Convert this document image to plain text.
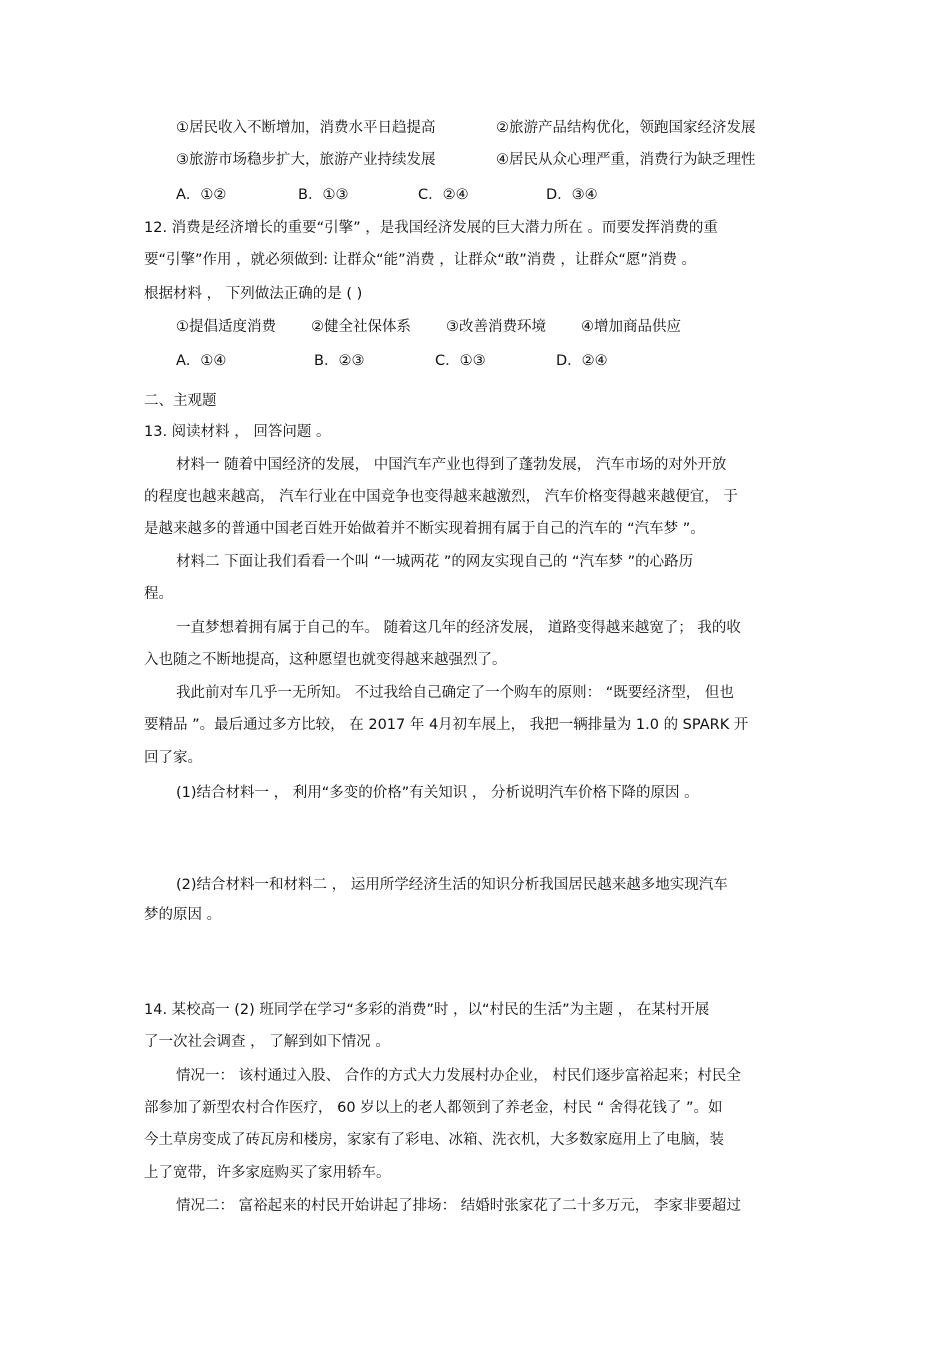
①居民收入不断增加，消费水平日趋提高	②旅游产品结构优化，领跑国家经济发展
③旅游市场稳步扩大，旅游产业持续发展	④居民从众心理严重，消费行为缺乏理性
A．①②	B．①③	C．②④	D．③④
12. 消费是经济增长的重要“引擎” ，是我国经济发展的巨大潜力所在 。而要发挥消费的重
要“引擎”作用 ，就必须做到: 让群众“能”消费 ，让群众“敢”消费 ，让群众“愿”消费 。
根据材料 ， 下列做法正确的是 ( )
①提倡适度消费 ②健全社保体系 ③改善消费环境 ④增加商品供应
A．①④	B．②③	C．①③	D．②④
二、主观题
13. 阅读材料 ， 回答问题 。
材料一 随着中国经济的发展， 中国汽车产业也得到了蓬勃发展， 汽车市场的对外开放
的程度也越来越高， 汽车行业在中国竞争也变得越来越激烈， 汽车价格变得越来越便宜， 于
是越来越多的普通中国老百姓开始做着并不断实现着拥有属于自己的汽车的 “汽车梦 ”。
材料二 下面让我们看看一个叫 “一城两花 ”的网友实现自己的 “汽车梦 ”的心路历
程。
一直梦想着拥有属于自己的车。 随着这几年的经济发展， 道路变得越来越宽了； 我的收
入也随之不断地提高，这种愿望也就变得越来越强烈了。
我此前对车几乎一无所知。 不过我给自己确定了一个购车的原则： “既要经济型， 但也
要精品 ”。最后通过多方比较， 在 2017 年 4月初车展上， 我把一辆排量为 1.0 的 SPARK 开
回了家。
(1)结合材料一 ， 利用“多变的价格”有关知识 ， 分析说明汽车价格下降的原因 。
(2)结合材料一和材料二 ， 运用所学经济生活的知识分析我国居民越来越多地实现汽车
梦的原因 。
14. 某校高一 (2) 班同学在学习“多彩的消费”时 ，以“村民的生活”为主题 ， 在某村开展
了一次社会调查 ， 了解到如下情况 。
情况一： 该村通过入股、 合作的方式大力发展村办企业， 村民们逐步富裕起来；村民全
部参加了新型农村合作医疗， 60 岁以上的老人都领到了养老金，村民 “ 舍得花钱了 ”。如
今土草房变成了砖瓦房和楼房，家家有了彩电、冰箱、洗衣机，大多数家庭用上了电脑，装
上了宽带，许多家庭购买了家用轿车。
情况二： 富裕起来的村民开始讲起了排场： 结婚时张家花了二十多万元， 李家非要超过
